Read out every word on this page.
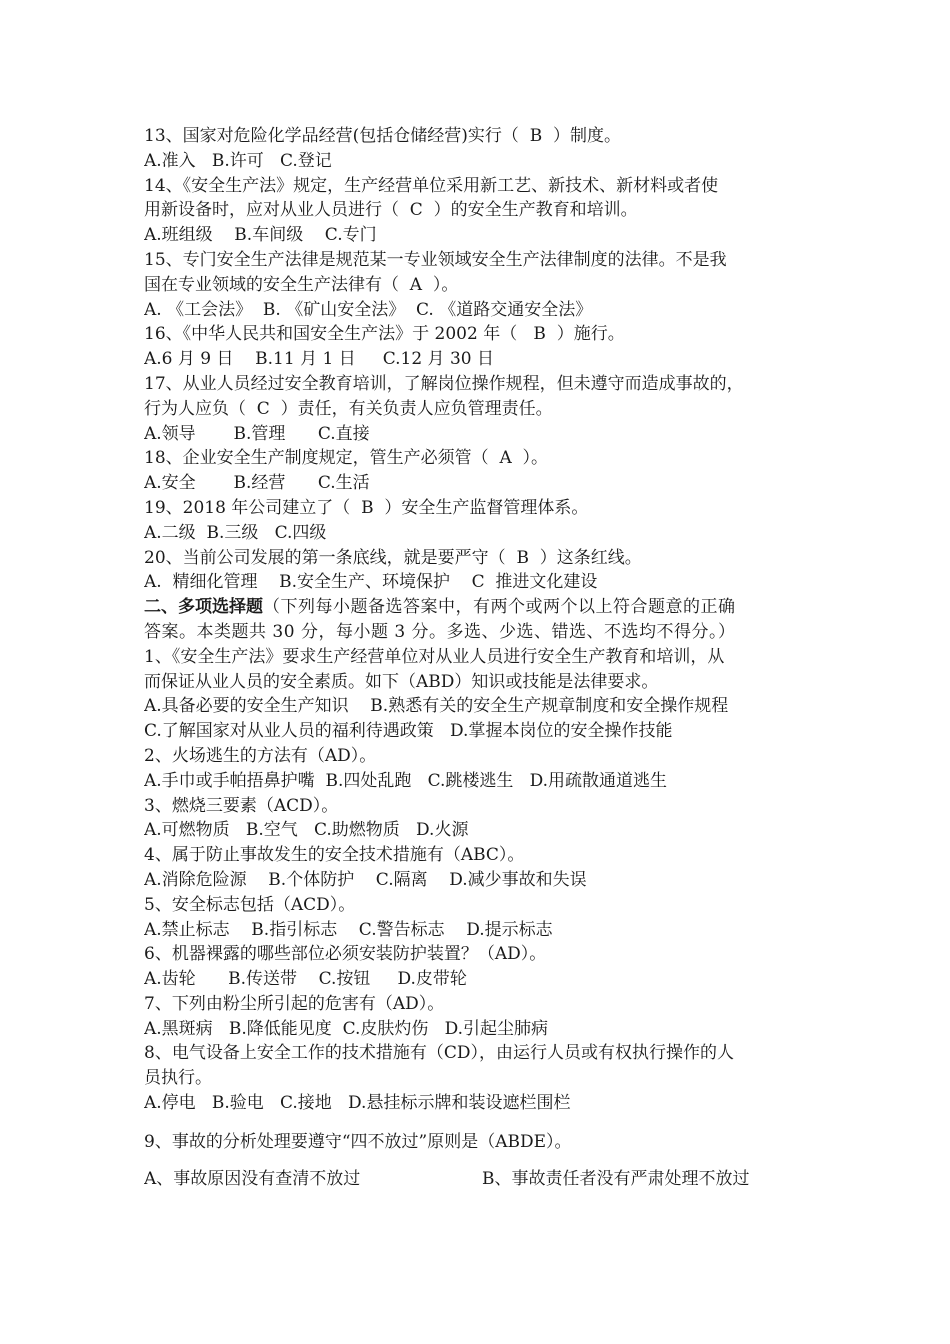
13、国家对危险化学品经营(包括仓储经营)实行（  B  ）制度。
A.准入   B.许可   C.登记
14、《安全生产法》规定，生产经营单位采用新工艺、新技术、新材料或者使
用新设备时，应对从业人员进行（  C  ）的安全生产教育和培训。
A.班组级    B.车间级    C.专门
15、专门安全生产法律是规范某一专业领域安全生产法律制度的法律。不是我
国在专业领域的安全生产法律有（  A  ）。
A. 《工会法》  B. 《矿山安全法》  C. 《道路交通安全法》
16、《中华人民共和国安全生产法》于 2002 年（   B  ）施行。
A.6 月 9 日    B.11 月 1 日     C.12 月 30 日
17、从业人员经过安全教育培训，了解岗位操作规程，但未遵守而造成事故的，
行为人应负（  C  ）责任，有关负责人应负管理责任。
A.领导       B.管理      C.直接
18、企业安全生产制度规定，管生产必须管（  A  ）。
A.安全       B.经营      C.生活
19、2018 年公司建立了（  B  ）安全生产监督管理体系。
A.二级  B.三级   C.四级
20、当前公司发展的第一条底线，就是要严守（  B  ）这条红线。
A.  精细化管理    B.安全生产、环境保护    C  推进文化建设
二、多项选择题（下列每小题备选答案中，有两个或两个以上符合题意的正确
答案。本类题共 30 分，每小题 3 分。多选、少选、错选、不选均不得分。）
1、《安全生产法》要求生产经营单位对从业人员进行安全生产教育和培训，从
而保证从业人员的安全素质。如下（ABD）知识或技能是法律要求。
A.具备必要的安全生产知识    B.熟悉有关的安全生产规章制度和安全操作规程
C.了解国家对从业人员的福利待遇政策   D.掌握本岗位的安全操作技能
2、火场逃生的方法有（AD）。
A.手巾或手帕捂鼻护嘴  B.四处乱跑   C.跳楼逃生   D.用疏散通道逃生
3、燃烧三要素（ACD）。
A.可燃物质   B.空气   C.助燃物质   D.火源
4、属于防止事故发生的安全技术措施有（ABC）。
A.消除危险源    B.个体防护    C.隔离    D.减少事故和失误
5、安全标志包括（ACD）。
A.禁止标志    B.指引标志    C.警告标志    D.提示标志
6、机器裸露的哪些部位必须安装防护装置？（AD）。
A.齿轮      B.传送带    C.按钮     D.皮带轮
7、下列由粉尘所引起的危害有（AD）。
A.黑斑病   B.降低能见度  C.皮肤灼伤   D.引起尘肺病
8、电气设备上安全工作的技术措施有（CD），由运行人员或有权执行操作的人
员执行。
A.停电   B.验电   C.接地   D.悬挂标示牌和装设遮栏围栏
9、事故的分析处理要遵守“四不放过”原则是（ABDE）。
A、事故原因没有查清不放过	B、事故责任者没有严肃处理不放过
